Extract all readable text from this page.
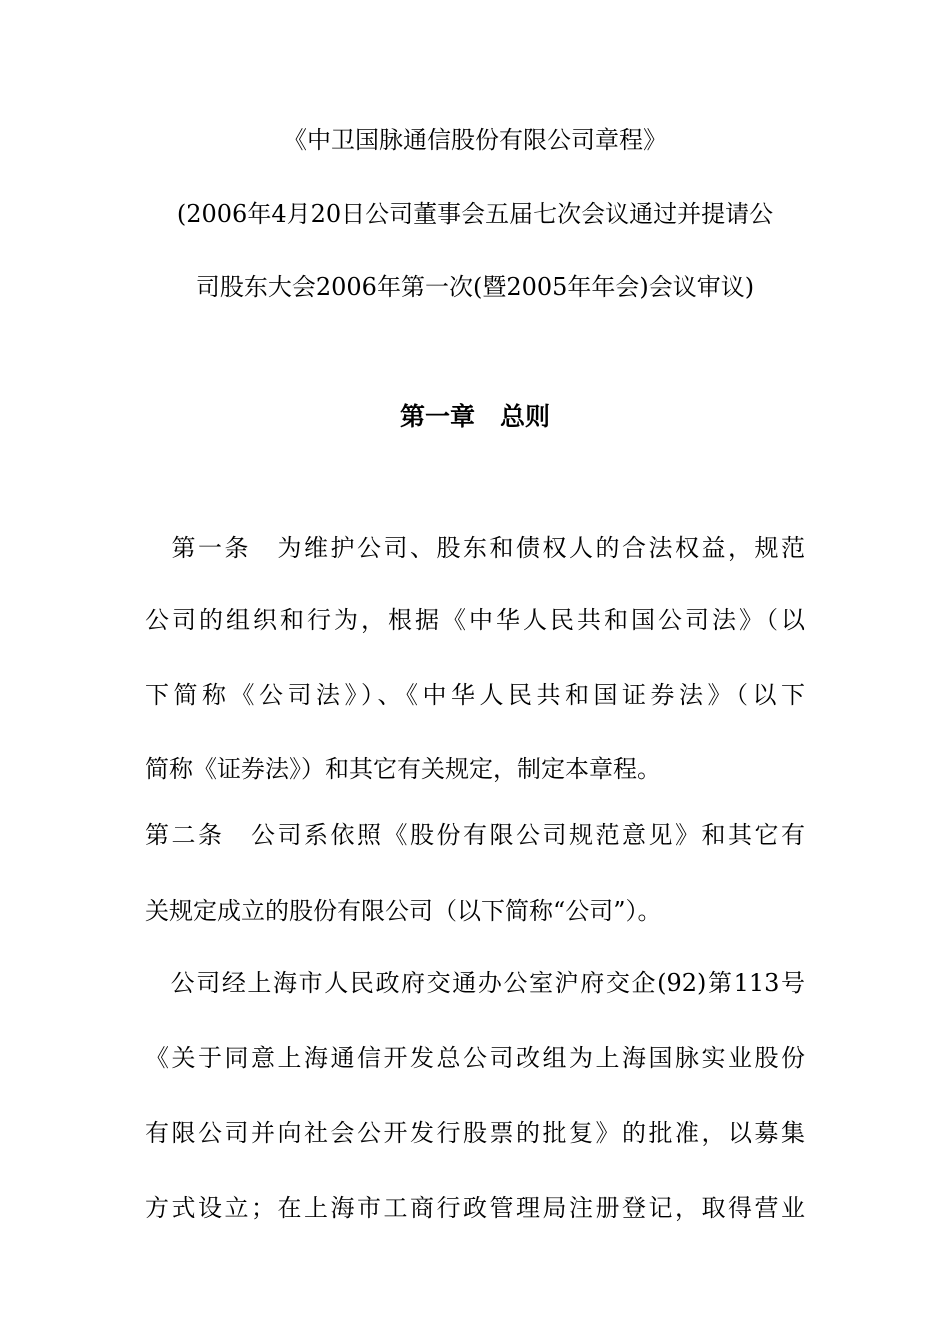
《中卫国脉通信股份有限公司章程》

(2006年4月20日公司董事会五届七次会议通过并提请公

司股东大会2006年第一次(暨2005年年会)会议审议)

第一章　总则

　第一条　为维护公司、股东和债权人的合法权益，规范

公司的组织和行为，根据《中华人民共和国公司法》（以

下简称《公司法》）、《中华人民共和国证券法》（以下

简称《证券法》）和其它有关规定，制定本章程。

第二条　公司系依照《股份有限公司规范意见》和其它有

关规定成立的股份有限公司（以下简称“公司”）。

　公司经上海市人民政府交通办公室沪府交企(92)第113号

《关于同意上海通信开发总公司改组为上海国脉实业股份

有限公司并向社会公开发行股票的批复》的批准，以募集

方式设立；在上海市工商行政管理局注册登记，取得营业
